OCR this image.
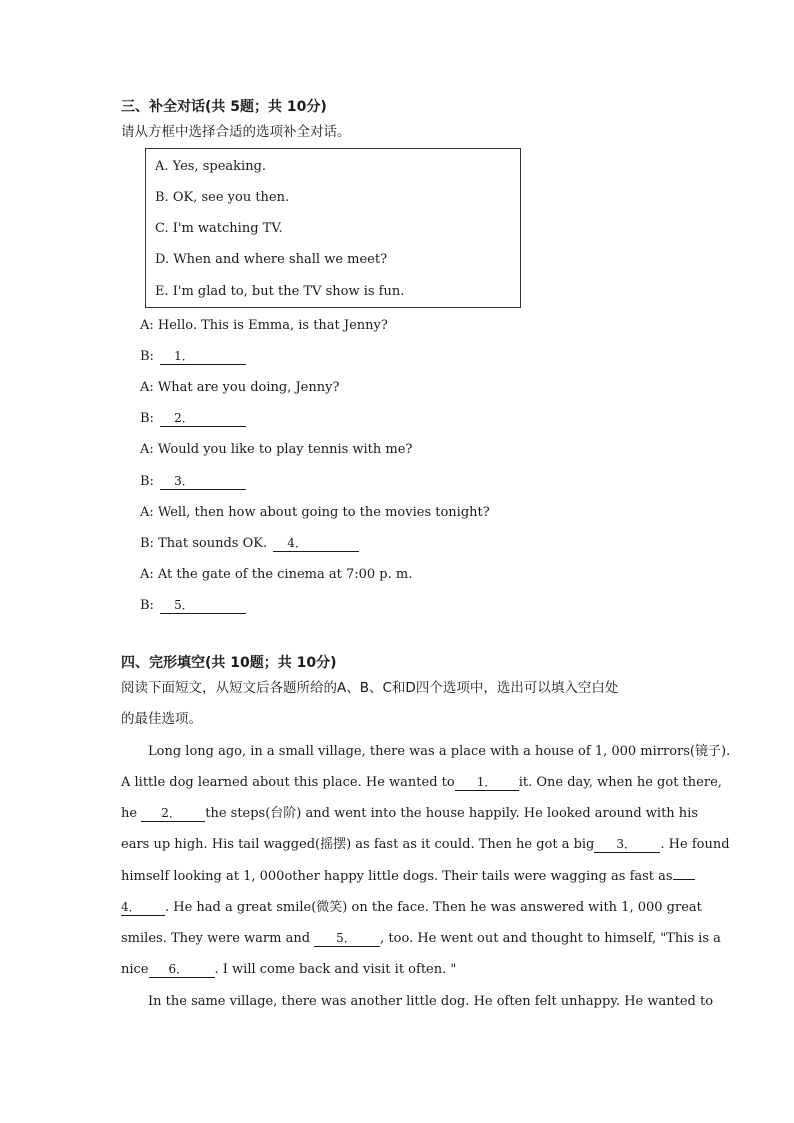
三、补全对话(共 5题；共 10分)
请从方框中选择合适的选项补全对话。
A. Yes, speaking.
B. OK, see you then.
C. I'm watching TV.
D. When and where shall we meet?
E. I'm glad to, but the TV show is fun.
A: Hello. This is Emma, is that Jenny?
B: 1．
A: What are you doing, Jenny?
B: 2．
A: Would you like to play tennis with me?
B: 3．
A: Well, then how about going to the movies tonight?
B: That sounds OK. 4．
A: At the gate of the cinema at 7:00 p. m.
B: 5．
四、完形填空(共 10题；共 10分)
阅读下面短文，从短文后各题所给的A、B、C和D四个选项中，选出可以填入空白处
的最佳选项。
Long long ago, in a small village, there was a place with a house of 1, 000 mirrors(镜子).
A little dog learned about this place. He wanted to 1． it. One day, when he got there,
he 2． the steps(台阶) and went into the house happily. He looked around with his
ears up high. His tail wagged(摇摆) as fast as it could. Then he got a big 3． . He found
himself looking at 1, 000other happy little dogs. Their tails were wagging as fast as
4． . He had a great smile(微笑) on the face. Then he was answered with 1, 000 great
smiles. They were warm and 5． , too. He went out and thought to himself, "This is a
nice 6． . I will come back and visit it often. "
In the same village, there was another little dog. He often felt unhappy. He wanted to
